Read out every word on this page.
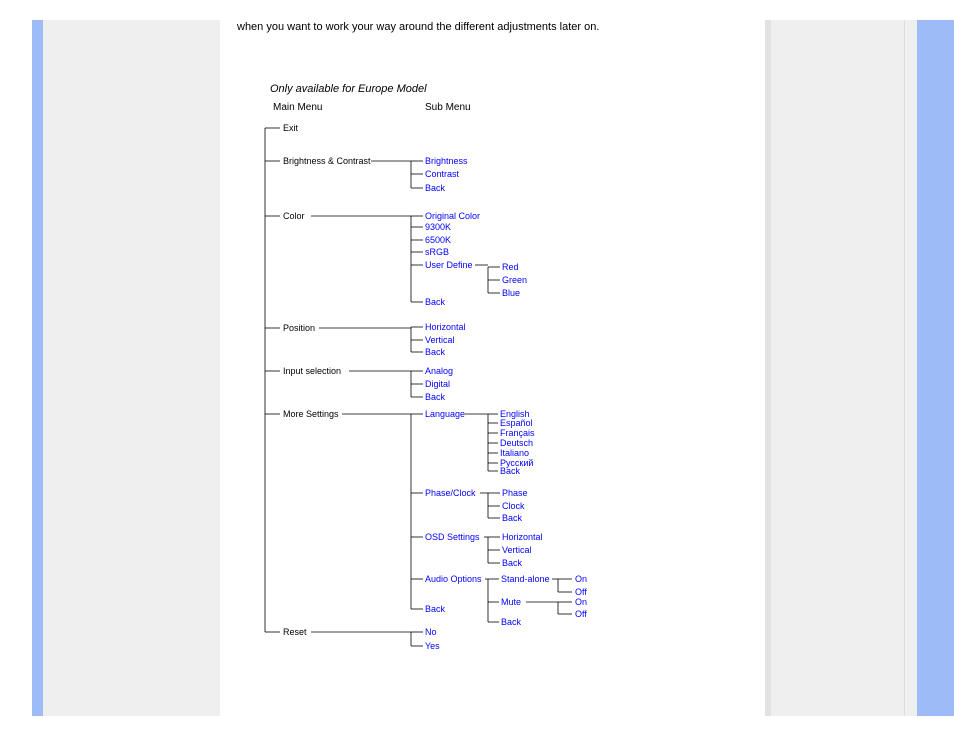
when you want to work your way around the different adjustments later on.
Only available for Europe Model
Main Menu	Sub Menu
Exit
Brightness & Contrast
Color
Position
Input selection
More Settings
Reset
Brightness
Contrast
Back
Original Color
9300K
6500K
sRGB
User Define
Back
Horizontal
Vertical
Back
Analog
Digital
Back
Language
Phase/Clock
OSD Settings
Audio Options
Back
No
Yes
Red
Green
Blue
English
Español
Français
Deutsch
Italiano
Русский
Back
Phase
Clock
Back
Horizontal
Vertical
Back
Stand-alone
Mute
Back
On
Off
On
Off
